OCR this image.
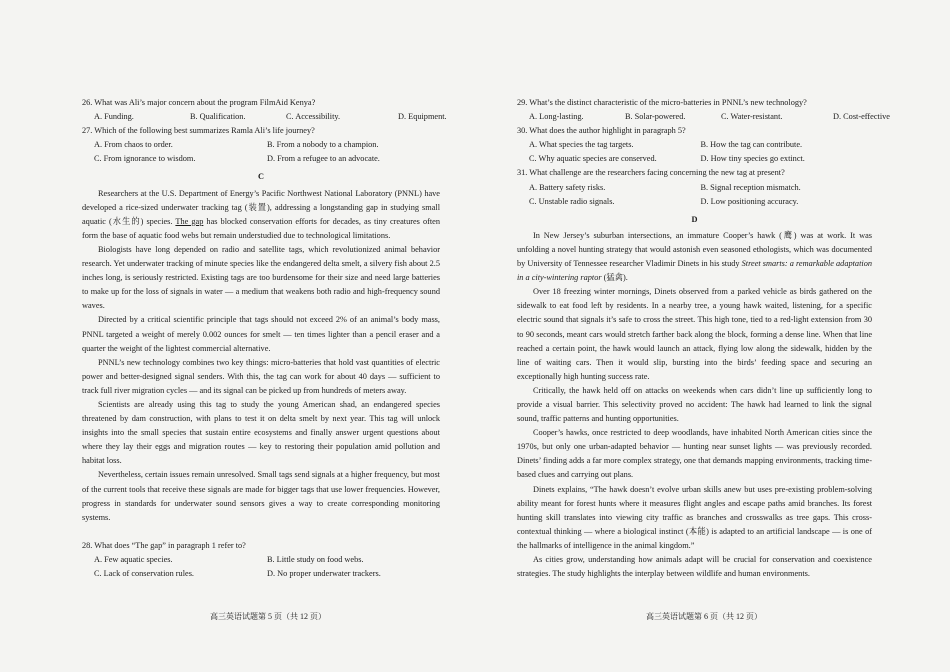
26. What was Ali’s major concern about the program FilmAid Kenya?

A. Funding.	B. Qualification.	C. Accessibility.	D. Equipment.

27. Which of the following best summarizes Ramla Ali’s life journey?

A. From chaos to order.	B. From a nobody to a champion.
C. From ignorance to wisdom.	D. From a refugee to an advocate.
C

Researchers at the U.S. Department of Energy’s Pacific Northwest National Laboratory (PNNL) have developed a rice-sized underwater tracking tag (装置), addressing a longstanding gap in studying small aquatic (水生的) species. The gap has blocked conservation efforts for decades, as tiny creatures often form the base of aquatic food webs but remain understudied due to technological limitations.

Biologists have long depended on radio and satellite tags, which revolutionized animal behavior research. Yet underwater tracking of minute species like the endangered delta smelt, a silvery fish about 2.5 inches long, is seriously restricted. Existing tags are too burdensome for their size and need large batteries to make up for the loss of signals in water — a medium that weakens both radio and high-frequency sound waves.

Directed by a critical scientific principle that tags should not exceed 2% of an animal’s body mass, PNNL targeted a weight of merely 0.002 ounces for smelt — ten times lighter than a pencil eraser and a quarter the weight of the lightest commercial alternative.

PNNL’s new technology combines two key things: micro-batteries that hold vast quantities of electric power and better-designed signal senders. With this, the tag can work for about 40 days — sufficient to track full river migration cycles — and its signal can be picked up from hundreds of meters away.

Scientists are already using this tag to study the young American shad, an endangered species threatened by dam construction, with plans to test it on delta smelt by next year. This tag will unlock insights into the small species that sustain entire ecosystems and finally answer urgent questions about where they lay their eggs and migration routes — key to restoring their population amid pollution and habitat loss.

Nevertheless, certain issues remain unresolved. Small tags send signals at a higher frequency, but most of the current tools that receive these signals are made for bigger tags that use lower frequencies. However, progress in standards for underwater sound sensors gives a way to create corresponding monitoring systems.

28. What does “The gap” in paragraph 1 refer to?

A. Few aquatic species.	B. Little study on food webs.
C. Lack of conservation rules.	D. No proper underwater trackers.
高三英语试题第 5 页（共 12 页）

29. What’s the distinct characteristic of the micro-batteries in PNNL’s new technology?

A. Long-lasting.	B. Solar-powered.	C. Water-resistant.	D. Cost-effective

30. What does the author highlight in paragraph 5?

A. What species the tag targets.	B. How the tag can contribute.
C. Why aquatic species are conserved.	D. How tiny species go extinct.

31. What challenge are the researchers facing concerning the new tag at present?

A. Battery safety risks.	B. Signal reception mismatch.
C. Unstable radio signals.	D. Low positioning accuracy.
D

In New Jersey’s suburban intersections, an immature Cooper’s hawk (鹰) was at work. It was unfolding a novel hunting strategy that would astonish even seasoned ethologists, which was documented by University of Tennessee researcher Vladimir Dinets in his study Street smarts: a remarkable adaptation in a city-wintering raptor (猛禽).

Over 18 freezing winter mornings, Dinets observed from a parked vehicle as birds gathered on the sidewalk to eat food left by residents. In a nearby tree, a young hawk waited, listening, for a specific electric sound that signals it’s safe to cross the street. This high tone, tied to a red-light extension from 30 to 90 seconds, meant cars would stretch farther back along the block, forming a dense line. When that line reached a certain point, the hawk would launch an attack, flying low along the sidewalk, hidden by the line of waiting cars. Then it would slip, bursting into the birds’ feeding space and securing an exceptionally high hunting success rate.

Critically, the hawk held off on attacks on weekends when cars didn’t line up sufficiently long to provide a visual barrier. This selectivity proved no accident: The hawk had learned to link the signal sound, traffic patterns and hunting opportunities.

Cooper’s hawks, once restricted to deep woodlands, have inhabited North American cities since the 1970s, but only one urban-adapted behavior — hunting near sunset lights — was previously recorded. Dinets’ finding adds a far more complex strategy, one that demands mapping environments, tracking time-based clues and carrying out plans.

Dinets explains, “The hawk doesn’t evolve urban skills anew but uses pre-existing problem-solving ability meant for forest hunts where it measures flight angles and escape paths amid branches. Its forest hunting skill translates into viewing city traffic as branches and crosswalks as tree gaps. This cross-contextual thinking — where a biological instinct (本能) is adapted to an artificial landscape — is one of the hallmarks of intelligence in the animal kingdom.”

As cities grow, understanding how animals adapt will be crucial for conservation and coexistence strategies. The study highlights the interplay between wildlife and human environments.

高三英语试题第 6 页（共 12 页）
